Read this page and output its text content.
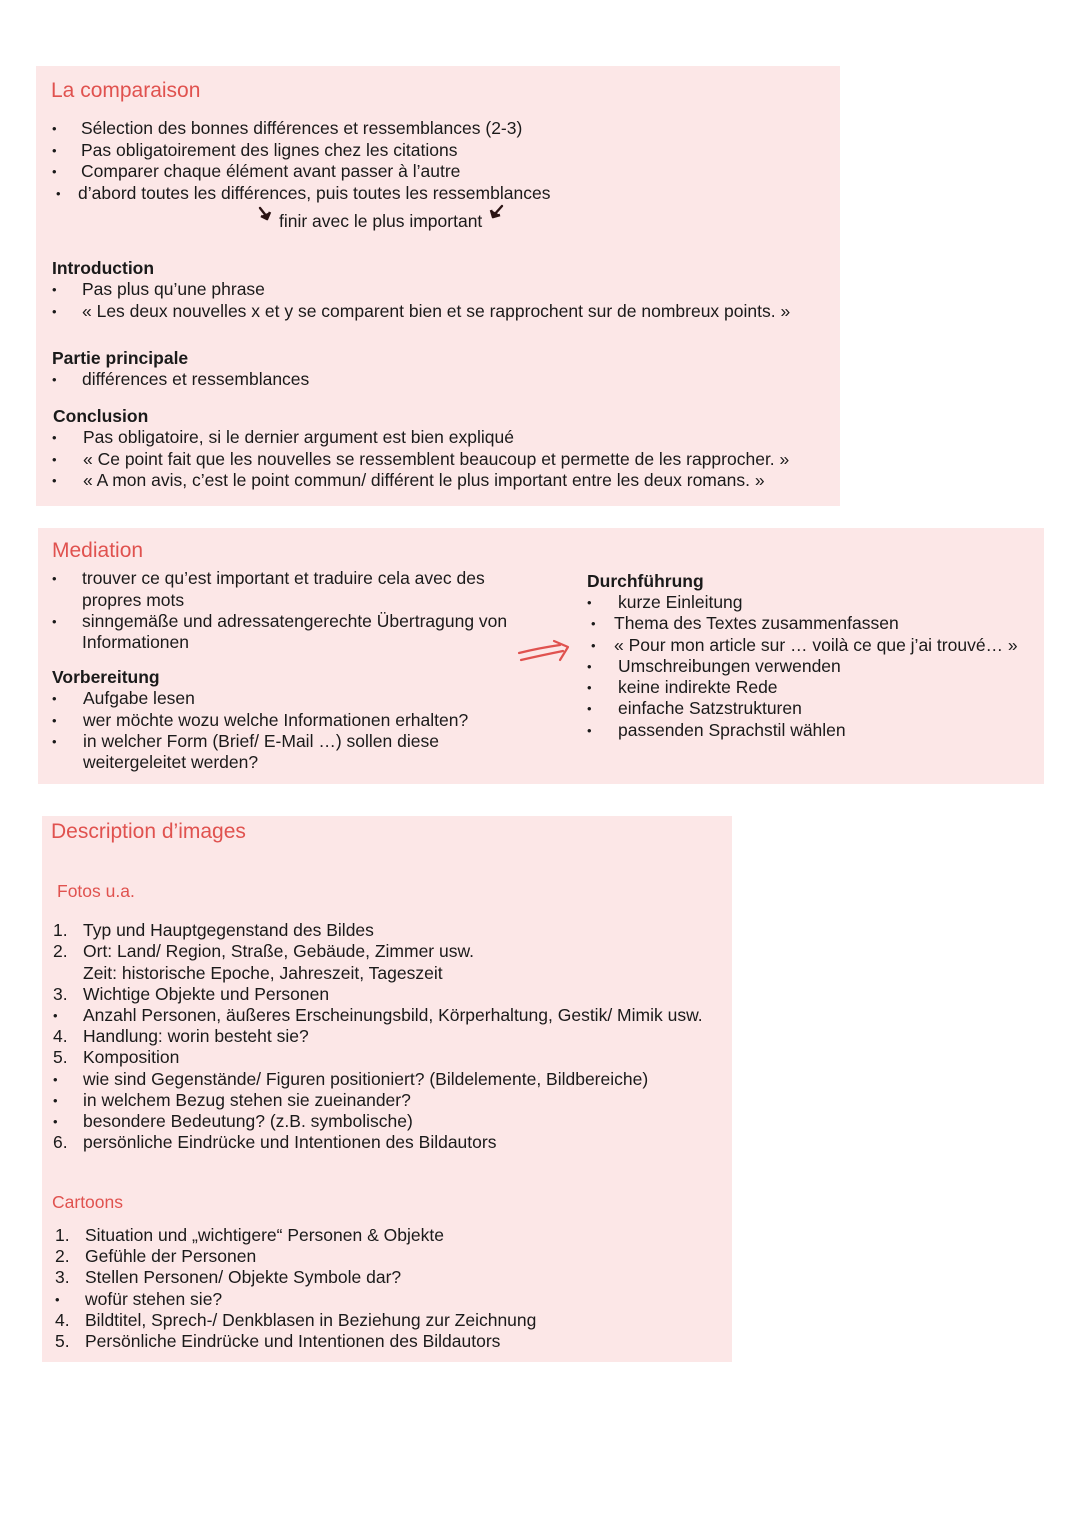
La comparaison
•	Sélection des bonnes différences et ressemblances (2-3)
•	Pas obligatoirement des lignes chez les citations
•	Comparer chaque élément avant passer à l’autre
• d’abord toutes les différences, puis toutes les ressemblances
finir avec le plus important
Introduction
•	Pas plus qu’une phrase
•	« Les deux nouvelles x et y se comparent bien et se rapprochent sur de nombreux points. »
Partie principale
•	différences et ressemblances
Conclusion
•	Pas obligatoire, si le dernier argument est bien expliqué
•	« Ce point fait que les nouvelles se ressemblent beaucoup et permette de les rapprocher. »
•	« A mon avis, c’est le point commun/ différent le plus important entre les deux romans. »
Mediation
•	trouver ce qu’est important et traduire cela avec des
propres mots
•	sinngemäße und adressatengerechte Übertragung von
Informationen
Vorbereitung
•	Aufgabe lesen
•	wer möchte wozu welche Informationen erhalten?
•	in welcher Form (Brief/ E-Mail …) sollen diese
weitergeleitet werden?
Durchführung
•	kurze Einleitung
•	Thema des Textes zusammenfassen
•	« Pour mon article sur … voilà ce que j’ai trouvé… »
•	Umschreibungen verwenden
•	keine indirekte Rede
•	einfache Satzstrukturen
•	passenden Sprachstil wählen
Description d’images
Fotos u.a.
1. Typ und Hauptgegenstand des Bildes
2. Ort: Land/ Region, Straße, Gebäude, Zimmer usw.
Zeit: historische Epoche, Jahreszeit, Tageszeit
3. Wichtige Objekte und Personen
•	Anzahl Personen, äußeres Erscheinungsbild, Körperhaltung, Gestik/ Mimik usw.
4. Handlung: worin besteht sie?
5. Komposition
•	wie sind Gegenstände/ Figuren positioniert? (Bildelemente, Bildbereiche)
•	in welchem Bezug stehen sie zueinander?
•	besondere Bedeutung? (z.B. symbolische)
6. persönliche Eindrücke und Intentionen des Bildautors
Cartoons
1. Situation und „wichtigere“ Personen & Objekte
2. Gefühle der Personen
3. Stellen Personen/ Objekte Symbole dar?
•	wofür stehen sie?
4. Bildtitel, Sprech-/ Denkblasen in Beziehung zur Zeichnung
5. Persönliche Eindrücke und Intentionen des Bildautors
